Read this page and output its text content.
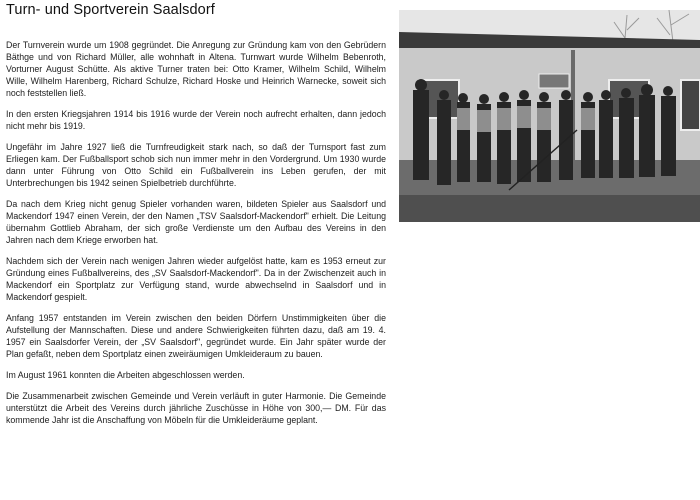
Turn- und Sportverein Saalsdorf

Der Turnverein wurde um 1908 gegründet. Die Anregung zur Gründung kam von den Gebrüdern Bäthge und von Richard Müller, alle wohnhaft in Altena. Turnwart wurde Wilhelm Bebenroth, Vorturner August Schütte. Als aktive Turner traten bei: Otto Kramer, Wilhelm Schild, Wilhelm Wille, Wilhelm Harenberg, Richard Schulze, Richard Hoske und Heinrich Warnecke, soweit sich noch feststellen ließ.

In den ersten Kriegsjahren 1914 bis 1916 wurde der Verein noch aufrecht erhalten, dann jedoch nicht mehr bis 1919.

Ungefähr im Jahre 1927 ließ die Turnfreudigkeit stark nach, so daß der Turnsport fast zum Erliegen kam. Der Fußballsport schob sich nun immer mehr in den Vordergrund. Um 1930 wurde dann unter Führung von Otto Schild ein Fußballverein ins Leben gerufen, der mit Unterbrechungen bis 1942 seinen Spielbetrieb durchführte.

Da nach dem Krieg nicht genug Spieler vorhanden waren, bildeten Spieler aus Saalsdorf und Mackendorf 1947 einen Verein, der den Namen „TSV Saalsdorf-Mackendorf" erhielt. Die Leitung übernahm Gottlieb Abraham, der sich große Verdienste um den Aufbau des Vereins in den Jahren nach dem Kriege erworben hat.

Nachdem sich der Verein nach wenigen Jahren wieder aufgelöst hatte, kam es 1953 erneut zur Gründung eines Fußballvereins, des „SV Saalsdorf-Mackendorf". Da in der Zwischenzeit auch in Mackendorf ein Sportplatz zur Verfügung stand, wurde abwechselnd in Saalsdorf und in Mackendorf gespielt.

Anfang 1957 entstanden im Verein zwischen den beiden Dörfern Unstimmigkeiten über die Aufstellung der Mannschaften. Diese und andere Schwierigkeiten führten dazu, daß am 19. 4. 1957 ein Saalsdorfer Verein, der „SV Saalsdorf", gegründet wurde. Ein Jahr später wurde der Plan gefaßt, neben dem Sportplatz einen zweiräumigen Umkleideraum zu bauen.

Im August 1961 konnten die Arbeiten abgeschlossen werden.

Die Zusammenarbeit zwischen Gemeinde und Verein verläuft in guter Harmonie. Die Gemeinde unterstützt die Arbeit des Vereins durch jährliche Zuschüsse in Höhe von 300,— DM. Für das kommende Jahr ist die Anschaffung von Möbeln für die Umkleideräume geplant.
